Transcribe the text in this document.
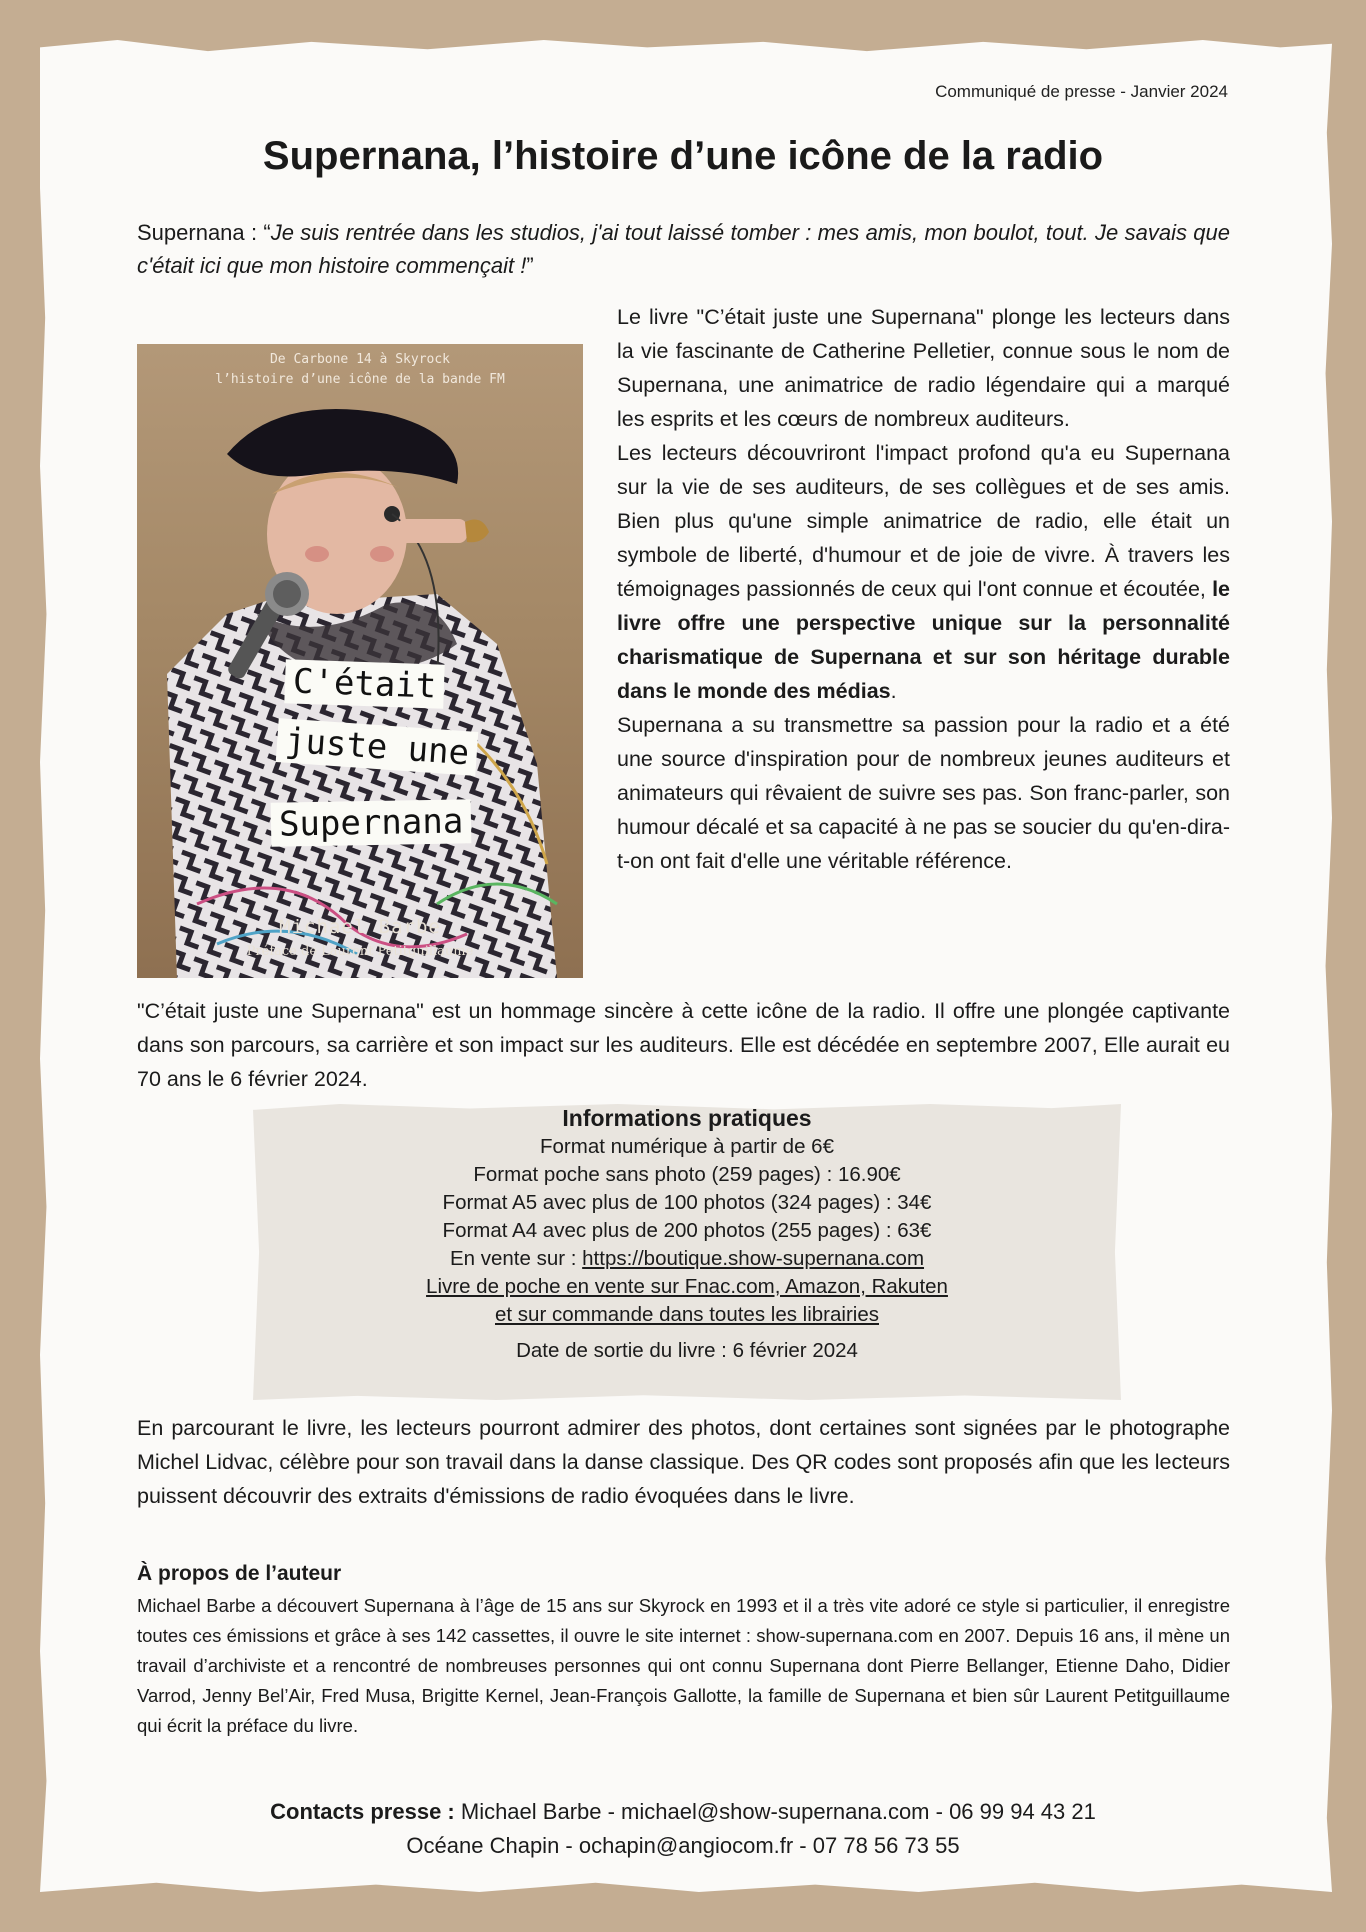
Communiqué de presse - Janvier 2024
Supernana, l’histoire d’une icône de la radio
Supernana : “Je suis rentrée dans les studios, j'ai tout laissé tomber : mes amis, mon boulot, tout. Je savais que c'était ici que mon histoire commençait !”
De Carbone 14 à Skyrock
l’histoire d’une icône de la bande FM
C'était
juste une
Supernana
Michael Barbe
Préface de Laurent Petitguillaume

Le livre "C’était juste une Supernana" plonge les lecteurs dans la vie fascinante de Catherine Pelletier, connue sous le nom de Supernana, une animatrice de radio légendaire qui a marqué les esprits et les cœurs de nombreux auditeurs.

Les lecteurs découvriront l'impact profond qu'a eu Supernana sur la vie de ses auditeurs, de ses collègues et de ses amis. Bien plus qu'une simple animatrice de radio, elle était un symbole de liberté, d'humour et de joie de vivre. À travers les témoignages passionnés de ceux qui l'ont connue et écoutée, le livre offre une perspective unique sur la personnalité charismatique de Supernana et sur son héritage durable dans le monde des médias.

Supernana a su transmettre sa passion pour la radio et a été une source d'inspiration pour de nombreux jeunes auditeurs et animateurs qui rêvaient de suivre ses pas. Son franc-parler, son humour décalé et sa capacité à ne pas se soucier du qu'en-dira-t-on ont fait d'elle une véritable référence.

"C’était juste une Supernana" est un hommage sincère à cette icône de la radio. Il offre une plongée captivante dans son parcours, sa carrière et son impact sur les auditeurs. Elle est décédée en septembre 2007, Elle aurait eu 70 ans le 6 février 2024.
Informations pratiques
Format numérique à partir de 6€
Format poche sans photo (259 pages) : 16.90€
Format A5 avec plus de 100 photos (324 pages) : 34€
Format A4 avec plus de 200 photos (255 pages) : 63€
En vente sur : https://boutique.show-supernana.com
Livre de poche en vente sur Fnac.com, Amazon, Rakuten
et sur commande dans toutes les librairies
Date de sortie du livre : 6 février 2024
En parcourant le livre, les lecteurs pourront admirer des photos, dont certaines sont signées par le photographe Michel Lidvac, célèbre pour son travail dans la danse classique. Des QR codes sont proposés afin que les lecteurs puissent découvrir des extraits d'émissions de radio évoquées dans le livre.
À propos de l’auteur
Michael Barbe a découvert Supernana à l’âge de 15 ans sur Skyrock en 1993 et il a très vite adoré ce style si particulier, il enregistre toutes ces émissions et grâce à ses 142 cassettes, il ouvre le site internet : show-supernana.com en 2007. Depuis 16 ans, il mène un travail d’archiviste et a rencontré de nombreuses personnes qui ont connu Supernana dont Pierre Bellanger, Etienne Daho, Didier Varrod, Jenny Bel’Air, Fred Musa, Brigitte Kernel, Jean-François Gallotte, la famille de Supernana et bien sûr Laurent Petitguillaume qui écrit la préface du livre.
Contacts presse : Michael Barbe - michael@show-supernana.com - 06 99 94 43 21
Océane Chapin - ochapin@angiocom.fr - 07 78 56 73 55
